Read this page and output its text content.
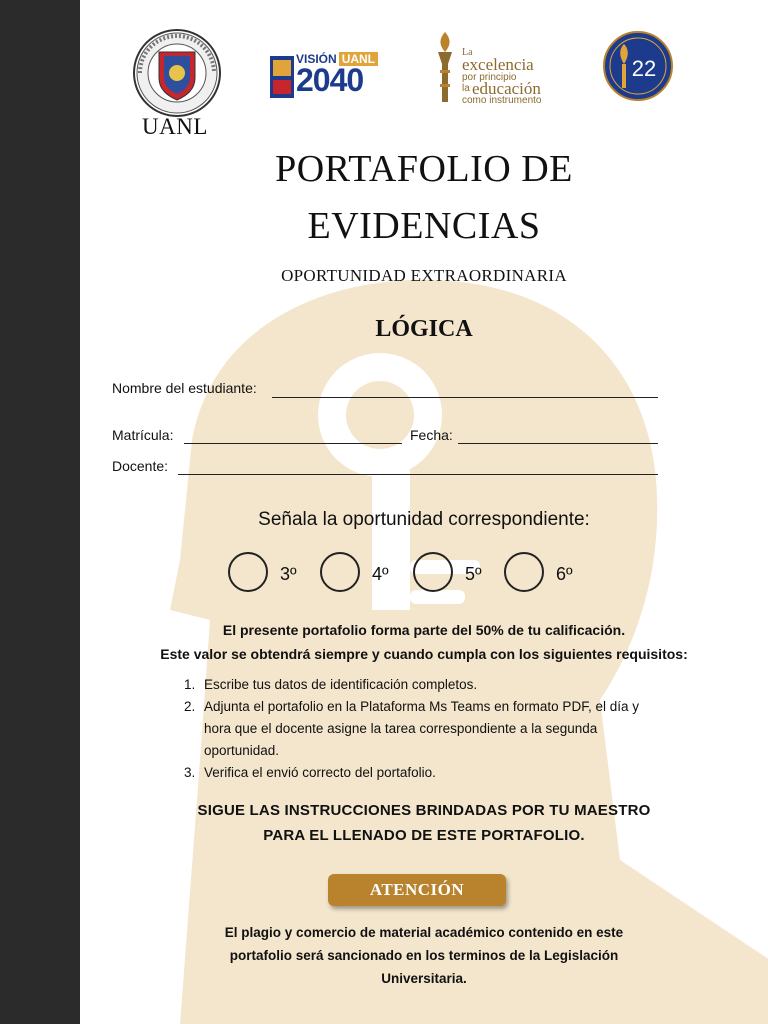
UANL
VISIÓN UANL
2040
La
excelencia
por principio
la educación
como instrumento
22
PORTAFOLIO DE
EVIDENCIAS
OPORTUNIDAD EXTRAORDINARIA
LÓGICA
Nombre del estudiante:
Matrícula:	Fecha:
Docente:
Señala la oportunidad correspondiente:
3º	4º	5º	6º
El presente portafolio forma parte del 50% de tu calificación.
Este valor se obtendrá siempre y cuando cumpla con los siguientes requisitos:
1. Escribe tus datos de identificación completos.
2. Adjunta el portafolio en la Plataforma Ms Teams en formato PDF, el día y hora que el docente asigne la tarea correspondiente a la segunda oportunidad.
3. Verifica el envió correcto del portafolio.
SIGUE LAS INSTRUCCIONES BRINDADAS POR TU MAESTRO
PARA EL LLENADO DE ESTE PORTAFOLIO.
ATENCIÓN
El plagio y comercio de material académico contenido en este
portafolio será sancionado en los terminos de la Legislación
Universitaria.
